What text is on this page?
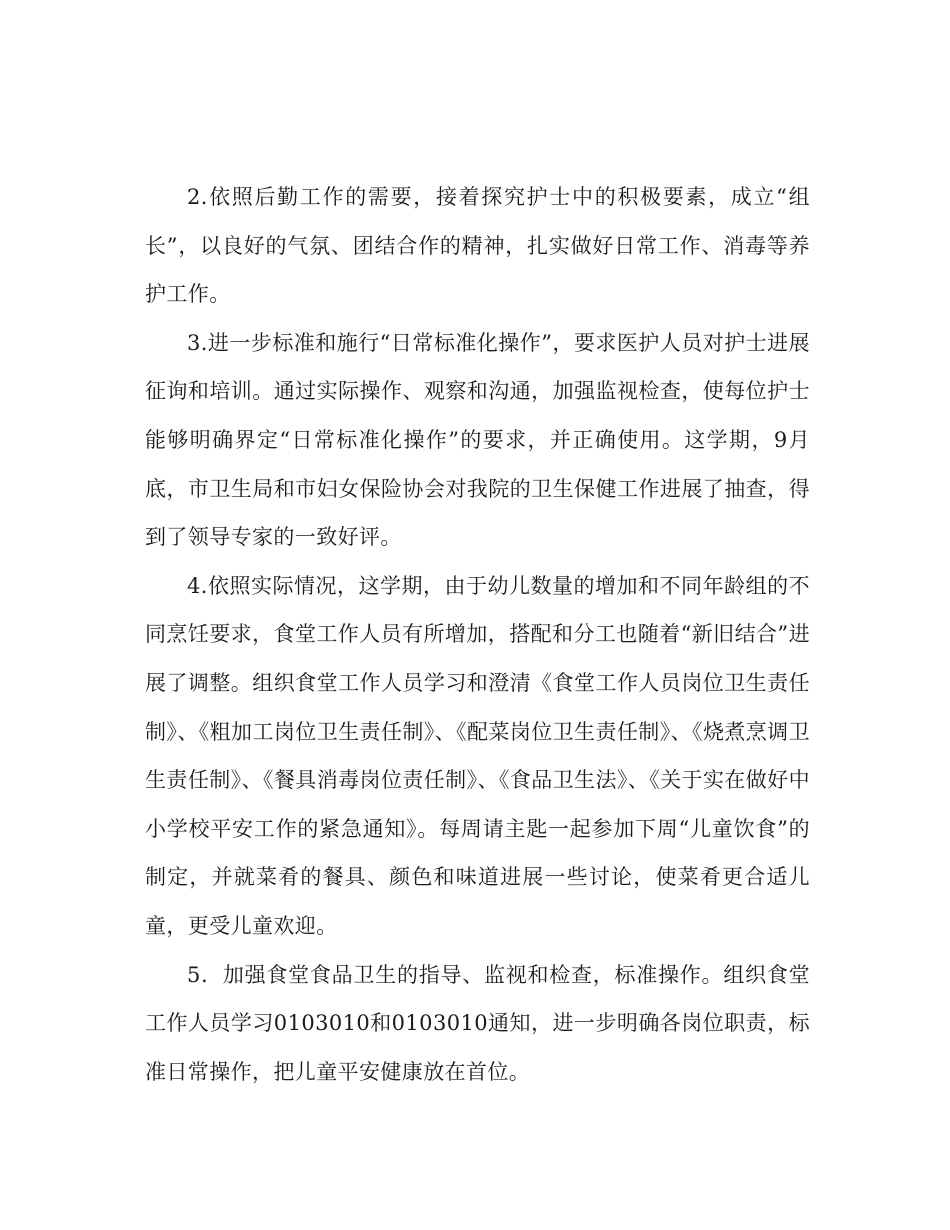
2.依照后勤工作的需要，接着探究护士中的积极要素，成立“组长”，以良好的气氛、团结合作的精神，扎实做好日常工作、消毒等养护工作。

3.进一步标准和施行“日常标准化操作”，要求医护人员对护士进展征询和培训。通过实际操作、观察和沟通，加强监视检查，使每位护士能够明确界定“日常标准化操作”的要求，并正确使用。这学期，9月底，市卫生局和市妇女保险协会对我院的卫生保健工作进展了抽查，得到了领导专家的一致好评。

4.依照实际情况，这学期，由于幼儿数量的增加和不同年龄组的不同烹饪要求，食堂工作人员有所增加，搭配和分工也随着“新旧结合”进展了调整。组织食堂工作人员学习和澄清《食堂工作人员岗位卫生责任制》、《粗加工岗位卫生责任制》、《配菜岗位卫生责任制》、《烧煮烹调卫生责任制》、《餐具消毒岗位责任制》、《食品卫生法》、《关于实在做好中小学校平安工作的紧急通知》。每周请主匙一起参加下周“儿童饮食”的制定，并就菜肴的餐具、颜色和味道进展一些讨论，使菜肴更合适儿童，更受儿童欢迎。

5．加强食堂食品卫生的指导、监视和检查，标准操作。组织食堂工作人员学习0103010和0103010通知，进一步明确各岗位职责，标准日常操作，把儿童平安健康放在首位。
